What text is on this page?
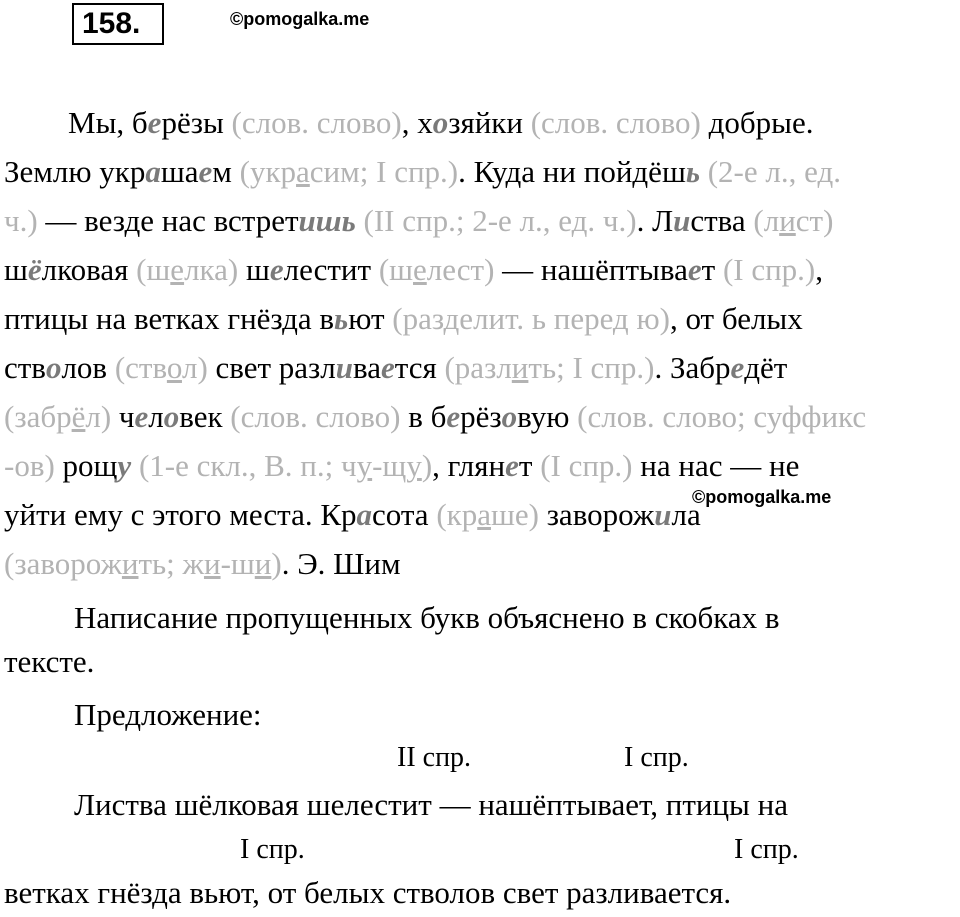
158.	©pomogalka.me
Мы, берёзы (слов. слово), хозяйки (слов. слово) добрые.
Землю украшаем (украсим; I спр.). Куда ни пойдёшь (2-е л., ед.
ч.) — везде нас встретишь (II спр.; 2-е л., ед. ч.). Листва (лист)
шёлковая (шелка) шелестит (шелест) — нашёптывает (I спр.),
птицы на ветках гнёзда вьют (разделит. ь перед ю), от белых
стволов (ствол) свет разливается (разлить; I спр.). Забредёт
(забрёл) человек (слов. слово) в берёзовую (слов. слово; суффикс
-ов) рощу (1-е скл., В. п.; чу-щу), глянет (I спр.) на нас — не
уйти ему с этого места. Красота (краше) заворожила
(заворожить; жи-ши). Э. Шим
©pomogalka.me
Написание пропущенных букв объяснено в скобках в
тексте.
Предложение:
II спр.	I спр.
Листва шёлковая шелестит — нашёптывает, птицы на
I спр.	I спр.
ветках гнёзда вьют, от белых стволов свет разливается.
